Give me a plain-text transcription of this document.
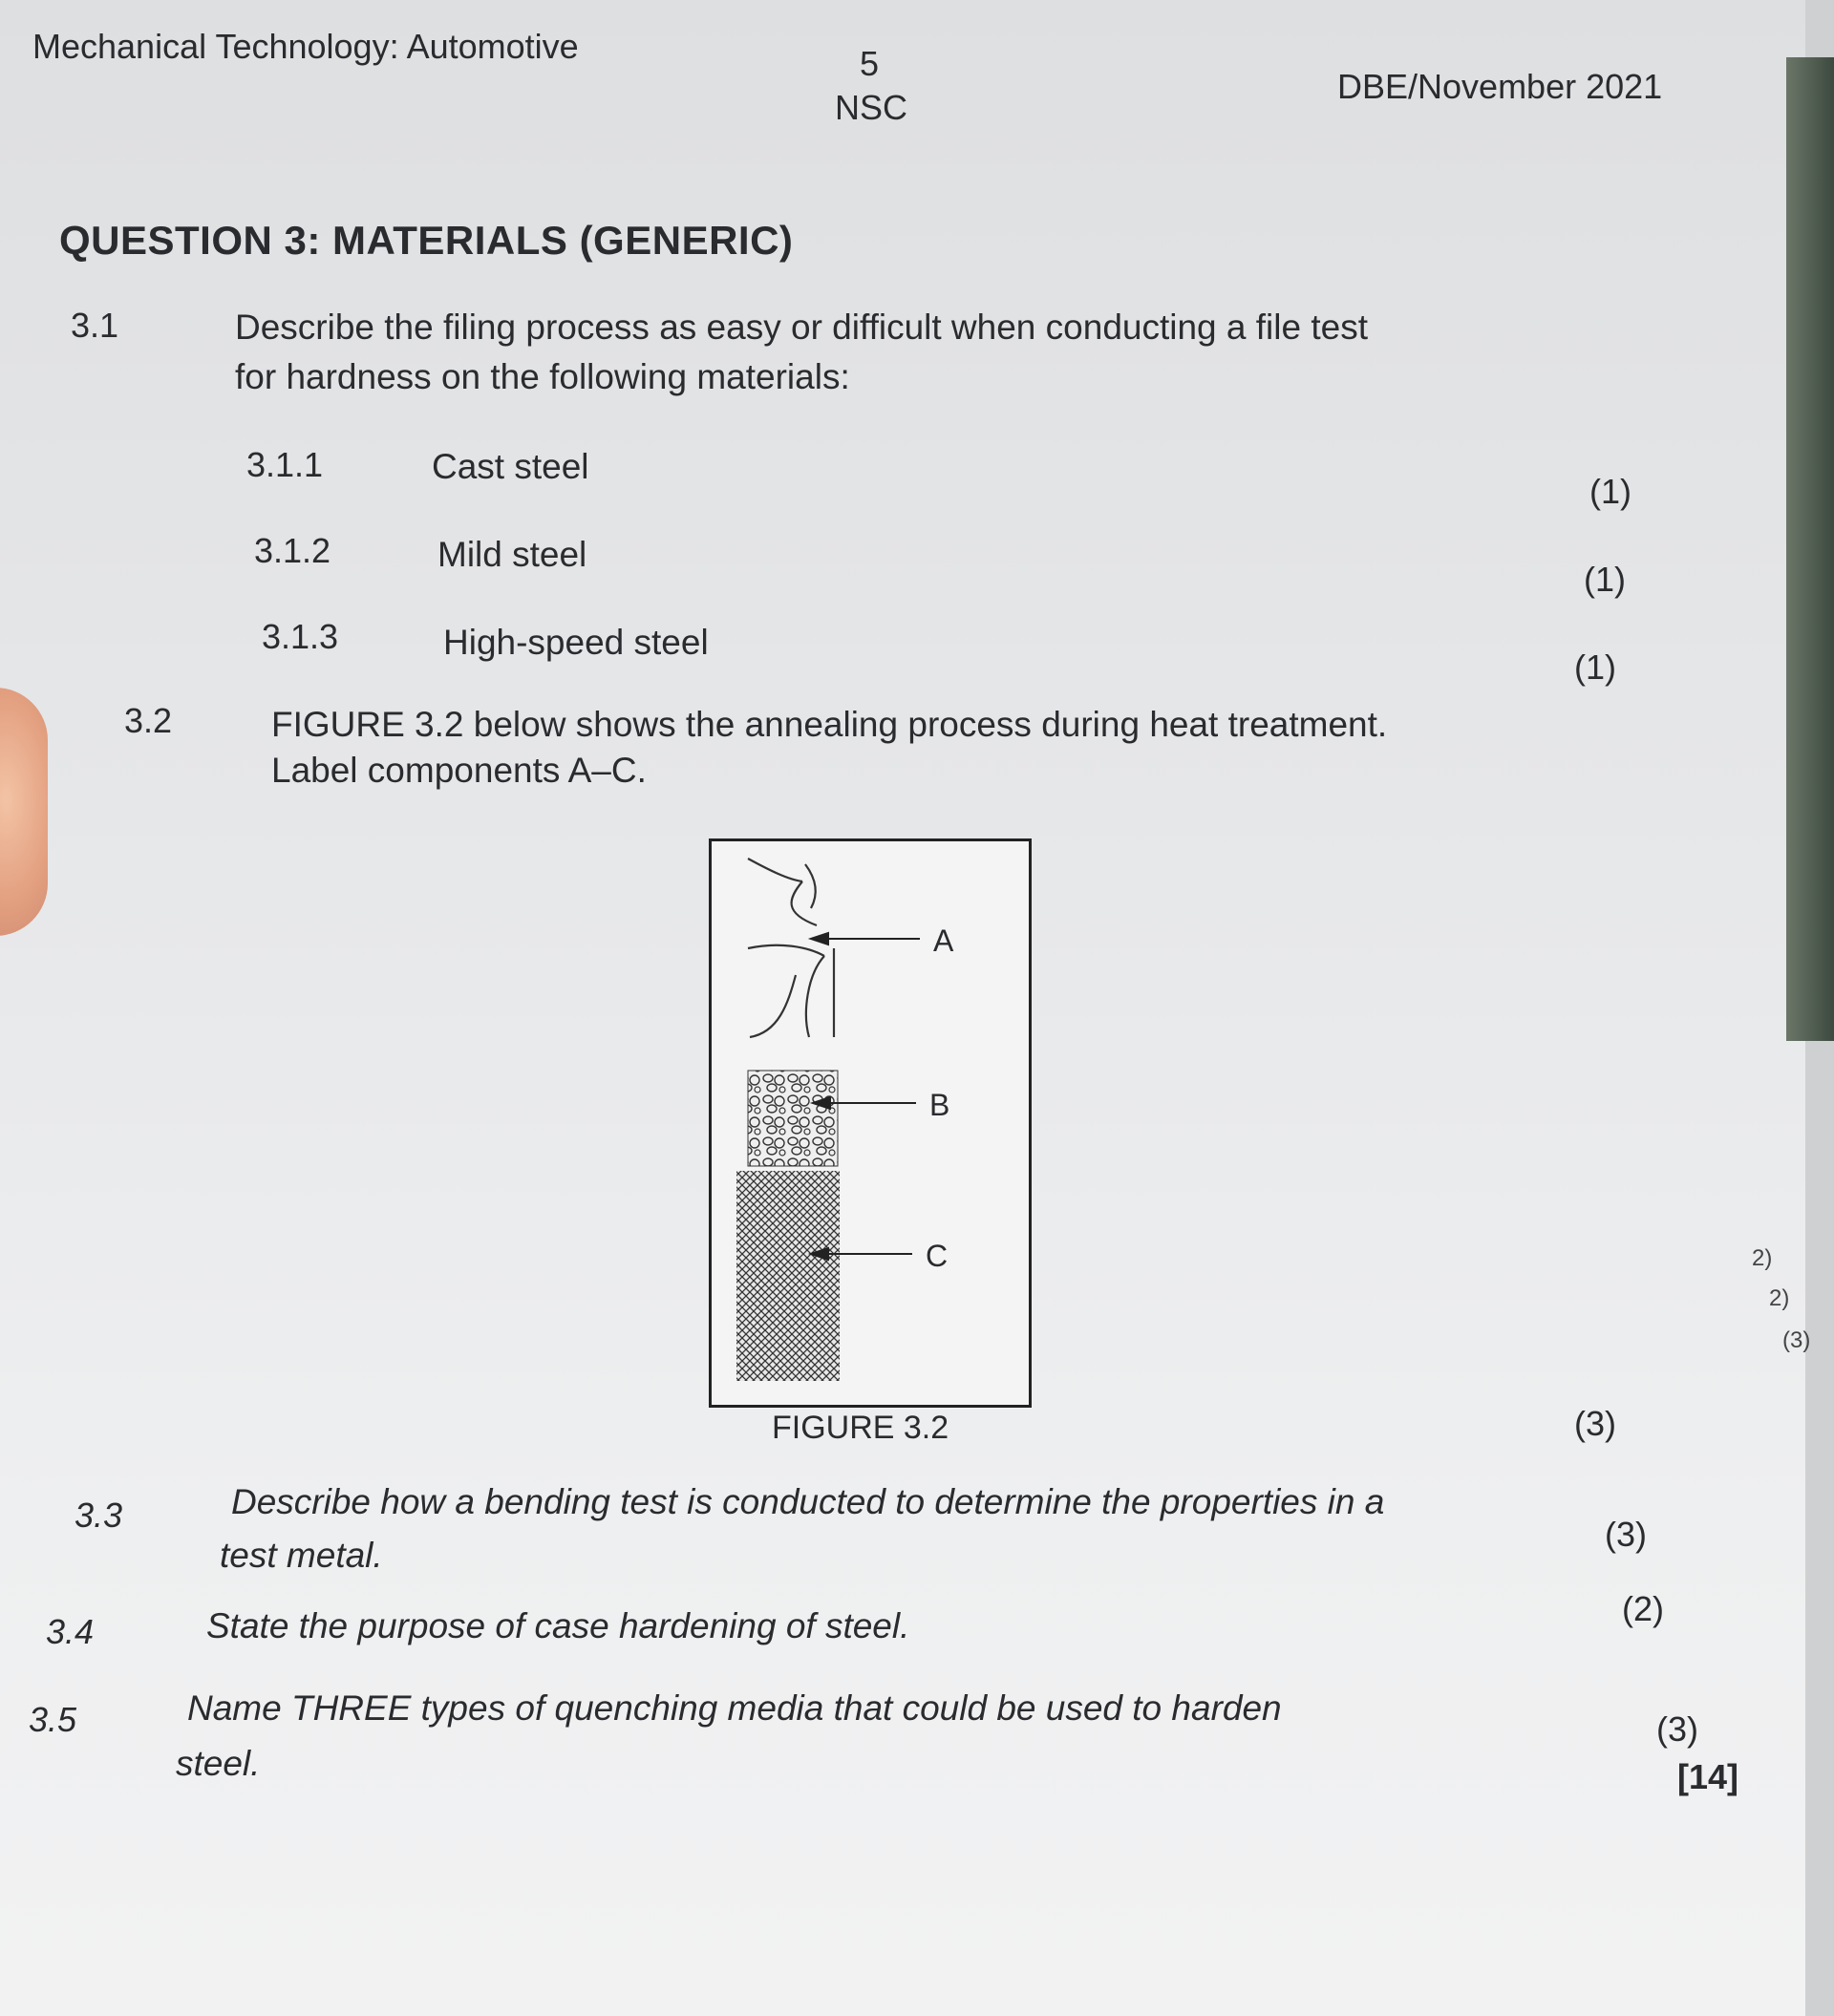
Mechanical Technology: Automotive	5
NSC
DBE/November 2021
QUESTION 3: MATERIALS (GENERIC)
3.1	Describe the filing process as easy or difficult when conducting a file test
for hardness on the following materials:
3.1.1	Cast steel
(1)
3.1.2	Mild steel
(1)
3.1.3	High-speed steel
(1)
3.2	FIGURE 3.2 below shows the annealing process during heat treatment.
Label components A–C.
A
B
C
FIGURE 3.2	(3)
2)
2)
(3)
3.3	Describe how a bending test is conducted to determine the properties in a
test metal.
(3)
3.4	State the purpose of case hardening of steel.	(2)
3.5	Name THREE types of quenching media that could be used to harden
steel.
(3)
[14]
